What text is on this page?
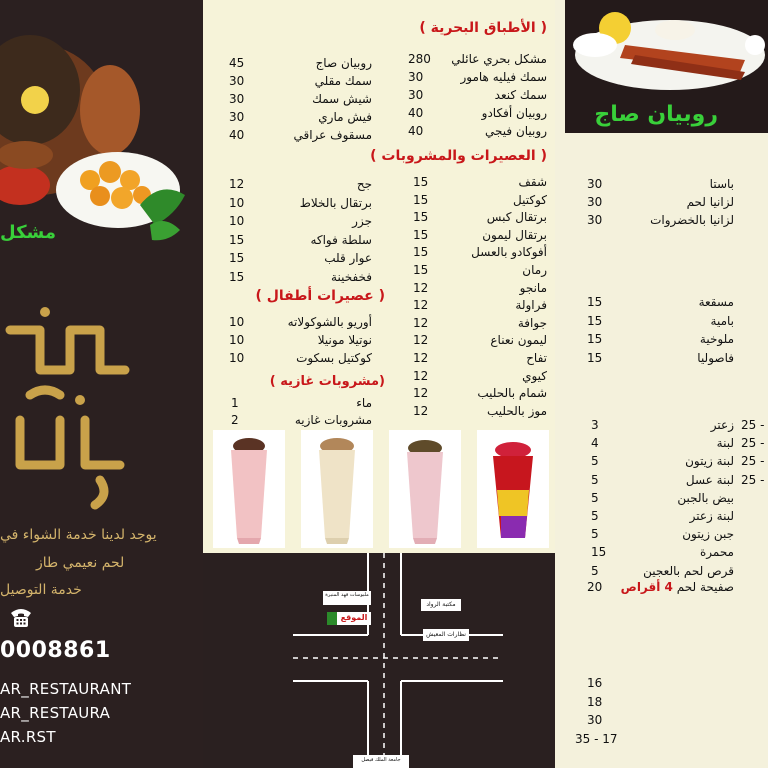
مشكل
يوجد لدينا خدمة الشواء في
لحم نعيمي طاز
خدمة التوصيل
0008861
AR_RESTAURANT
AR_RESTAURA
AR.RST
( الأطباق البحرية )
مشكل بحري عائلي
280
سمك فيليه هامور
30
سمك كنعد
30
روبيان أفكادو
40
روبيان فيجي
40
روبيان صاج
45
سمك مقلي
30
شيش سمك
30
فيش ماري
30
مسقوف عراقي
40
( العصيرات والمشروبات )
شقف
15
كوكتيل
15
برتقال كبس
15
برتقال ليمون
15
أفوكادو بالعسل
15
رمان
15
مانجو
12
فراولة
12
جوافة
12
ليمون نعناع
12
تفاح
12
كيوي
12
شمام بالحليب
12
موز بالحليب
12
جح
12
برتقال بالخلاط
10
جزر
10
سلطة فواكه
15
عوار قلب
15
فخفخينة
15
( عصيرات أطفال )
أوريو بالشوكولاته
10
نوتيلا مونيلا
10
كوكتيل بسكوت
10
(مشروبات غازيه )
ماء
1
مشروبات غازيه
2
ملبوسات فهد المنيرة
مكتبة الرواد
نظارات المعيش
الموقع
جامعة الملك فيصل
روبيان صاج
باستا
30
لزانيا لحم
30
لزانيا بالخضروات
30
مسقعة
15
بامية
15
ملوخية
15
فاصوليا
15
زعتر
3
لبنة
4
لبنة زيتون
5
لبنة عسل
5
بيض بالجبن
5
لبنة زعتر
5
جبن زيتون
5
محمرة
15
قرص لحم بالعجين
5
صفيحة لحم 4 أقراص
20
25 -
25 -
25 -
25 -
16
18
30
35 - 17
